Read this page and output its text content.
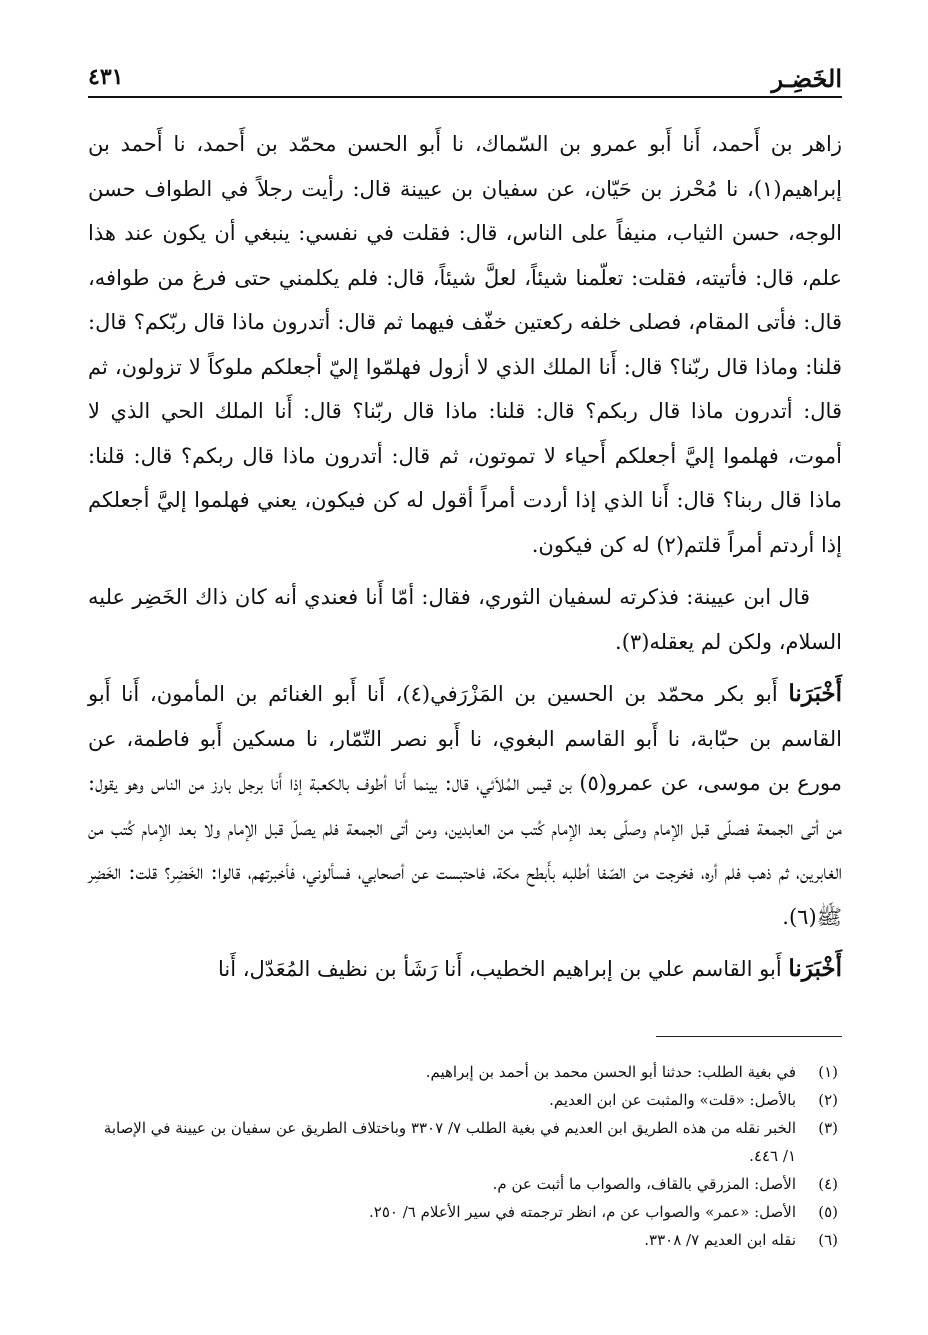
الخَضِـر
٤٣١

زاهر بن أَحمد، أَنا أَبو عمرو بن السّماك، نا أَبو الحسن محمّد بن أَحمد، نا أَحمد بن إبراهيم(١)، نا مُحْرز بن حَيّان، عن سفيان بن عيينة قال: رأيت رجلاً في الطواف حسن الوجه، حسن الثياب، منيفاً على الناس، قال: فقلت في نفسي: ينبغي أن يكون عند هذا علم، قال: فأتيته، فقلت: تعلّمنا شيئاً، لعلَّ شيئاً، قال: فلم يكلمني حتى فرغ من طوافه، قال: فأتى المقام، فصلى خلفه ركعتين خفّف فيهما ثم قال: أتدرون ماذا قال ربّكم؟ قال: قلنا: وماذا قال ربّنا؟ قال: أَنا الملك الذي لا أزول فهلمّوا إليّ أجعلكم ملوكاً لا تزولون، ثم قال: أتدرون ماذا قال ربكم؟ قال: قلنا: ماذا قال ربّنا؟ قال: أَنا الملك الحي الذي لا أموت، فهلموا إليَّ أجعلكم أَحياء لا تموتون، ثم قال: أتدرون ماذا قال ربكم؟ قال: قلنا: ماذا قال ربنا؟ قال: أَنا الذي إذا أردت أمراً أقول له كن فيكون، يعني فهلموا إليَّ أجعلكم إذا أردتم أمراً قلتم(٢) له كن فيكون.

قال ابن عيينة: فذكرته لسفيان الثوري، فقال: أمّا أَنا فعندي أنه كان ذاك الخَضِر عليه السلام، ولكن لم يعقله(٣).

أَخْبَرَنا أَبو بكر محمّد بن الحسين بن المَزْرَفي(٤)، أَنا أَبو الغنائم بن المأمون، أَنا أَبو القاسم بن حبّابة، نا أَبو القاسم البغوي، نا أَبو نصر التّمّار، نا مسكين أَبو فاطمة، عن مورع بن موسى، عن عمرو(٥) بن قيس المُلاَئي، قال: بينما أَنا أطوف بالكعبة إذا أَنا برجل بارز من الناس وهو يقول: من أتى الجمعة فصلّى قبل الإمام وصلّى بعد الإمام كُتب من العابدين، ومن أتى الجمعة فلم يصلّ قبل الإمام ولا بعد الإمام كُتب من الغابرين، ثم ذهب فلم أره، فخرجت من الصّفا أطلبه بأَبطح مكة، فاحتبست عن أصحابي، فسألوني، فأخبرتهم، قالوا: الخَضِر؟ قلت: الخَضِر ﷺ(٦).

أَخْبَرَنا أَبو القاسم علي بن إبراهيم الخطيب، أَنا رَشَأ بن نظيف المُعَدّل، أَنا

(١)
في بغية الطلب: حدثنا أبو الحسن محمد بن أحمد بن إبراهيم.
(٢)
بالأصل: «قلت» والمثبت عن ابن العديم.
(٣)
الخبر نقله من هذه الطريق ابن العديم في بغية الطلب ٧/ ٣٣٠٧ وباختلاف الطريق عن سفيان بن عيينة في الإصابة ١/ ٤٤٦.
(٤)
الأصل: المزرقي بالقاف، والصواب ما أثبت عن م.
(٥)
الأصل: «عمر» والصواب عن م، انظر ترجمته في سير الأعلام ٦/ ٢٥٠.
(٦)
نقله ابن العديم ٧/ ٣٣٠٨.
